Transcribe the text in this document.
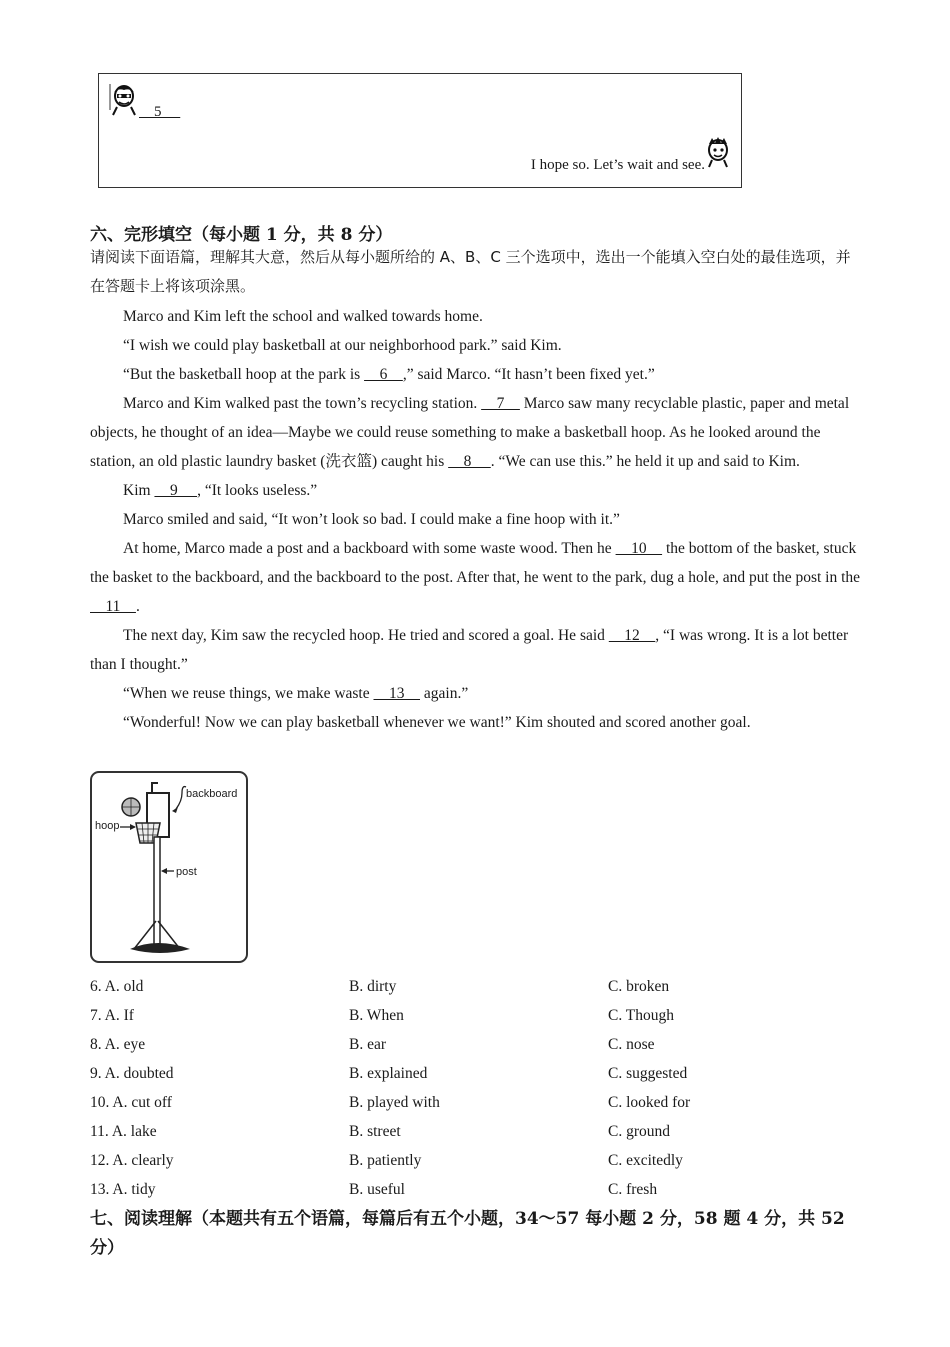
5
I hope so. Let’s wait and see.
六、完形填空（每小题 1 分，共 8 分）
请阅读下面语篇，理解其大意，然后从每小题所给的 A、B、C 三个选项中，选出一个能填入空白处的最佳选项，并在答题卡上将该项涂黑。

Marco and Kim left the school and walked towards home.

“I wish we could play basketball at our neighborhood park.” said Kim.

“But the basketball hoop at the park is     6    ,” said Marco. “It hasn’t been fixed yet.”

Marco and Kim walked past the town’s recycling station.     7     Marco saw many recyclable plastic, paper and metal objects, he thought of an idea—Maybe we could reuse something to make a basketball hoop. As he looked around the station, an old plastic laundry basket (洗衣篮) caught his     8     . “We can use this.” he held it up and said to Kim.

Kim     9     , “It looks useless.”

Marco smiled and said, “It won’t look so bad. I could make a fine hoop with it.”

At home, Marco made a post and a backboard with some waste wood. Then he     10     the bottom of the basket, stuck the basket to the backboard, and the backboard to the post. After that, he went to the park, dug a hole, and put the post in the     11    .

The next day, Kim saw the recycled hoop. He tried and scored a goal. He said     12    , “I was wrong. It is a lot better than I thought.”

“When we reuse things, we make waste     13     again.”

“Wonderful! Now we can play basketball whenever we want!” Kim shouted and scored another goal.

backboard
hoop
post
6. A. old	B. dirty	C. broken
7. A. If	B. When	C. Though
8. A. eye	B. ear	C. nose
9. A. doubted	B. explained	C. suggested
10. A. cut off	B. played with	C. looked for
11. A. lake	B. street	C. ground
12. A. clearly	B. patiently	C. excitedly
13. A. tidy	B. useful	C. fresh
七、阅读理解（本题共有五个语篇，每篇后有五个小题，34～57 每小题 2 分，58 题 4 分，共 52 分）
